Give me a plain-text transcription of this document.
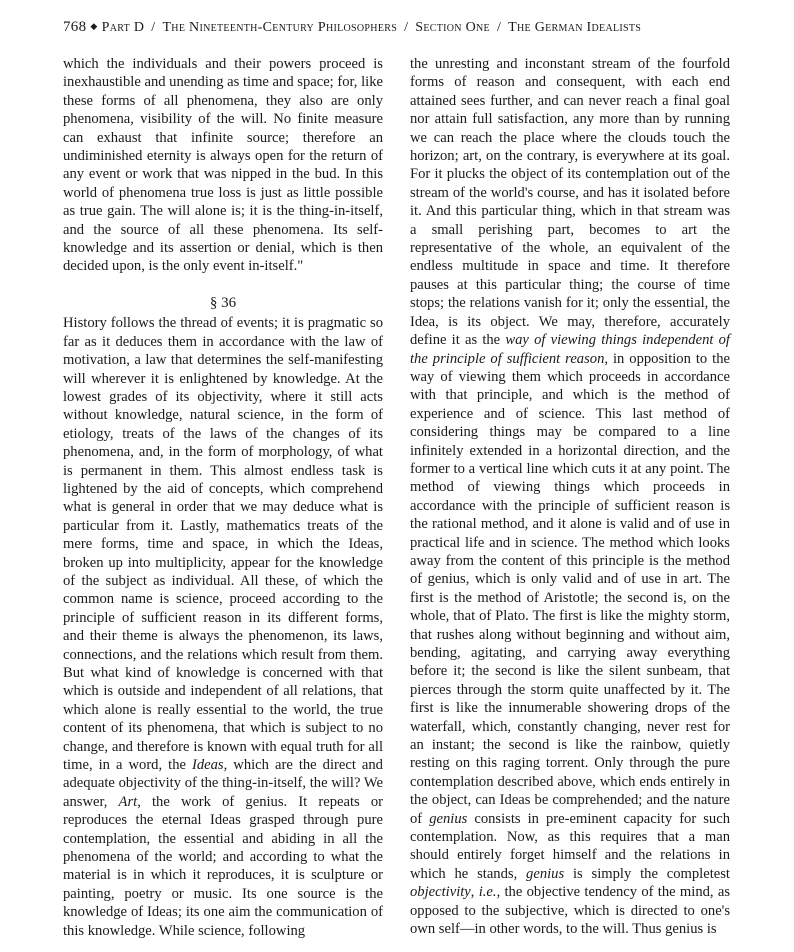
768 ◆ Part D / The Nineteenth-Century Philosophers / Section One / The German Idealists

which the individuals and their powers proceed is inexhaustible and unending as time and space; for, like these forms of all phenomena, they also are only phenomena, visibility of the will. No finite measure can exhaust that infinite source; therefore an undiminished eternity is always open for the return of any event or work that was nipped in the bud. In this world of phenomena true loss is just as little possible as true gain. The will alone is; it is the thing-in-itself, and the source of all these phenomena. Its self-knowledge and its assertion or denial, which is then decided upon, is the only event in-itself."

§ 36

History follows the thread of events; it is pragmatic so far as it deduces them in accordance with the law of motivation, a law that determines the self-manifesting will wherever it is enlightened by knowledge. At the lowest grades of its objectivity, where it still acts without knowledge, natural science, in the form of etiology, treats of the laws of the changes of its phenomena, and, in the form of morphology, of what is permanent in them. This almost endless task is lightened by the aid of concepts, which comprehend what is general in order that we may deduce what is particular from it. Lastly, mathematics treats of the mere forms, time and space, in which the Ideas, broken up into multiplicity, appear for the knowledge of the subject as individual. All these, of which the common name is science, proceed according to the principle of sufficient reason in its different forms, and their theme is always the phenomenon, its laws, connections, and the relations which result from them. But what kind of knowledge is concerned with that which is outside and independent of all relations, that which alone is really essential to the world, the true content of its phenomena, that which is subject to no change, and therefore is known with equal truth for all time, in a word, the Ideas, which are the direct and adequate objectivity of the thing-in-itself, the will? We answer, Art, the work of genius. It repeats or reproduces the eternal Ideas grasped through pure contemplation, the essential and abiding in all the phenomena of the world; and according to what the material is in which it reproduces, it is sculpture or painting, poetry or music. Its one source is the knowledge of Ideas; its one aim the communication of this knowledge. While science, following

the unresting and inconstant stream of the fourfold forms of reason and consequent, with each end attained sees further, and can never reach a final goal nor attain full satisfaction, any more than by running we can reach the place where the clouds touch the horizon; art, on the contrary, is everywhere at its goal. For it plucks the object of its contemplation out of the stream of the world's course, and has it isolated before it. And this particular thing, which in that stream was a small perishing part, becomes to art the representative of the whole, an equivalent of the endless multitude in space and time. It therefore pauses at this particular thing; the course of time stops; the relations vanish for it; only the essential, the Idea, is its object. We may, therefore, accurately define it as the way of viewing things independent of the principle of sufficient reason, in opposition to the way of viewing them which proceeds in accordance with that principle, and which is the method of experience and of science. This last method of considering things may be compared to a line infinitely extended in a horizontal direction, and the former to a vertical line which cuts it at any point. The method of viewing things which proceeds in accordance with the principle of sufficient reason is the rational method, and it alone is valid and of use in practical life and in science. The method which looks away from the content of this principle is the method of genius, which is only valid and of use in art. The first is the method of Aristotle; the second is, on the whole, that of Plato. The first is like the mighty storm, that rushes along without beginning and without aim, bending, agitating, and carrying away everything before it; the second is like the silent sunbeam, that pierces through the storm quite unaffected by it. The first is like the innumerable showering drops of the waterfall, which, constantly changing, never rest for an instant; the second is like the rainbow, quietly resting on this raging torrent. Only through the pure contemplation described above, which ends entirely in the object, can Ideas be comprehended; and the nature of genius consists in pre-eminent capacity for such contemplation. Now, as this requires that a man should entirely forget himself and the relations in which he stands, genius is simply the completest objectivity, i.e., the objective tendency of the mind, as opposed to the subjective, which is directed to one's own self—in other words, to the will. Thus genius is
